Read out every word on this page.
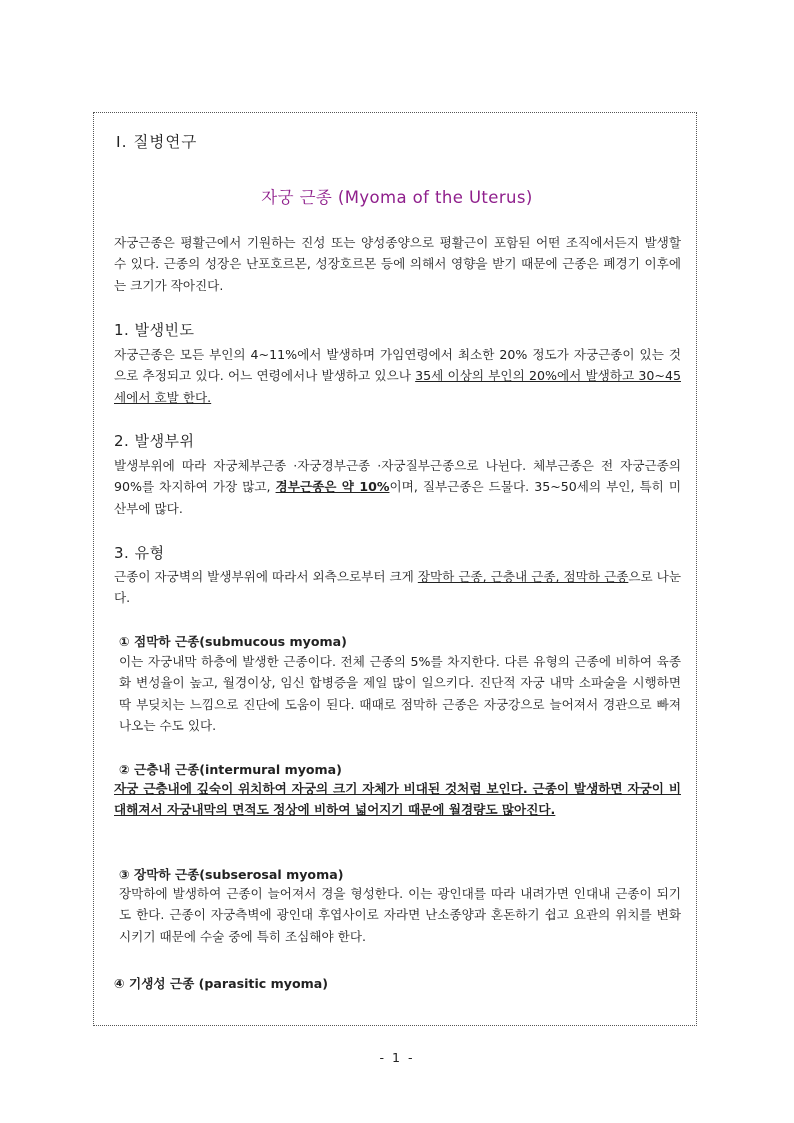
Ⅰ. 질병연구
자궁 근종 (Myoma of the Uterus)
자궁근종은 평활근에서 기원하는 진성 또는 양성종양으로 평활근이 포함된 어떤 조직에서든지 발생할 수 있다. 근종의 성장은 난포호르몬, 성장호르몬 등에 의해서 영향을 받기 때문에 근종은 폐경기 이후에는 크기가 작아진다.
1. 발생빈도
자궁근종은 모든 부인의 4~11%에서 발생하며 가임연령에서 최소한 20% 정도가 자궁근종이 있는 것으로 추정되고 있다. 어느 연령에서나 발생하고 있으나 35세 이상의 부인의 20%에서 발생하고 30~45세에서 호발 한다.
2. 발생부위
발생부위에 따라 자궁체부근종 ·자궁경부근종 ·자궁질부근종으로 나뉜다. 체부근종은 전 자궁근종의 90%를 차지하여 가장 많고, 경부근종은 약 10%이며, 질부근종은 드물다. 35~50세의 부인, 특히 미산부에 많다.
3. 유형
근종이 자궁벽의 발생부위에 따라서 외측으로부터 크게 장막하 근종, 근층내 근종, 점막하 근종으로 나눈다.
① 점막하 근종(submucous myoma)
이는 자궁내막 하층에 발생한 근종이다. 전체 근종의 5%를 차지한다. 다른 유형의 근종에 비하여 육종화 변성율이 높고, 월경이상, 임신 합병증을 제일 많이 일으키다. 진단적 자궁 내막 소파술을 시행하면 딱 부딪치는 느낌으로 진단에 도움이 된다. 때때로 점막하 근종은 자궁강으로 늘어져서 경관으로 빠져 나오는 수도 있다.
② 근층내 근종(intermural myoma)
자궁 근층내에 깊숙이 위치하여 자궁의 크기 자체가 비대된 것처럼 보인다. 근종이 발생하면 자궁이 비대해져서 자궁내막의 면적도 정상에 비하여 넓어지기 때문에 월경량도 많아진다.
③ 장막하 근종(subserosal myoma)
장막하에 발생하여 근종이 늘어져서 경을 형성한다. 이는 광인대를 따라 내려가면 인대내 근종이 되기도 한다. 근종이 자궁측벽에 광인대 후엽사이로 자라면 난소종양과 혼돈하기 쉽고 요관의 위치를 변화시키기 때문에 수술 중에 특히 조심해야 한다.
④ 기생성 근종 (parasitic myoma)
- 1 -
